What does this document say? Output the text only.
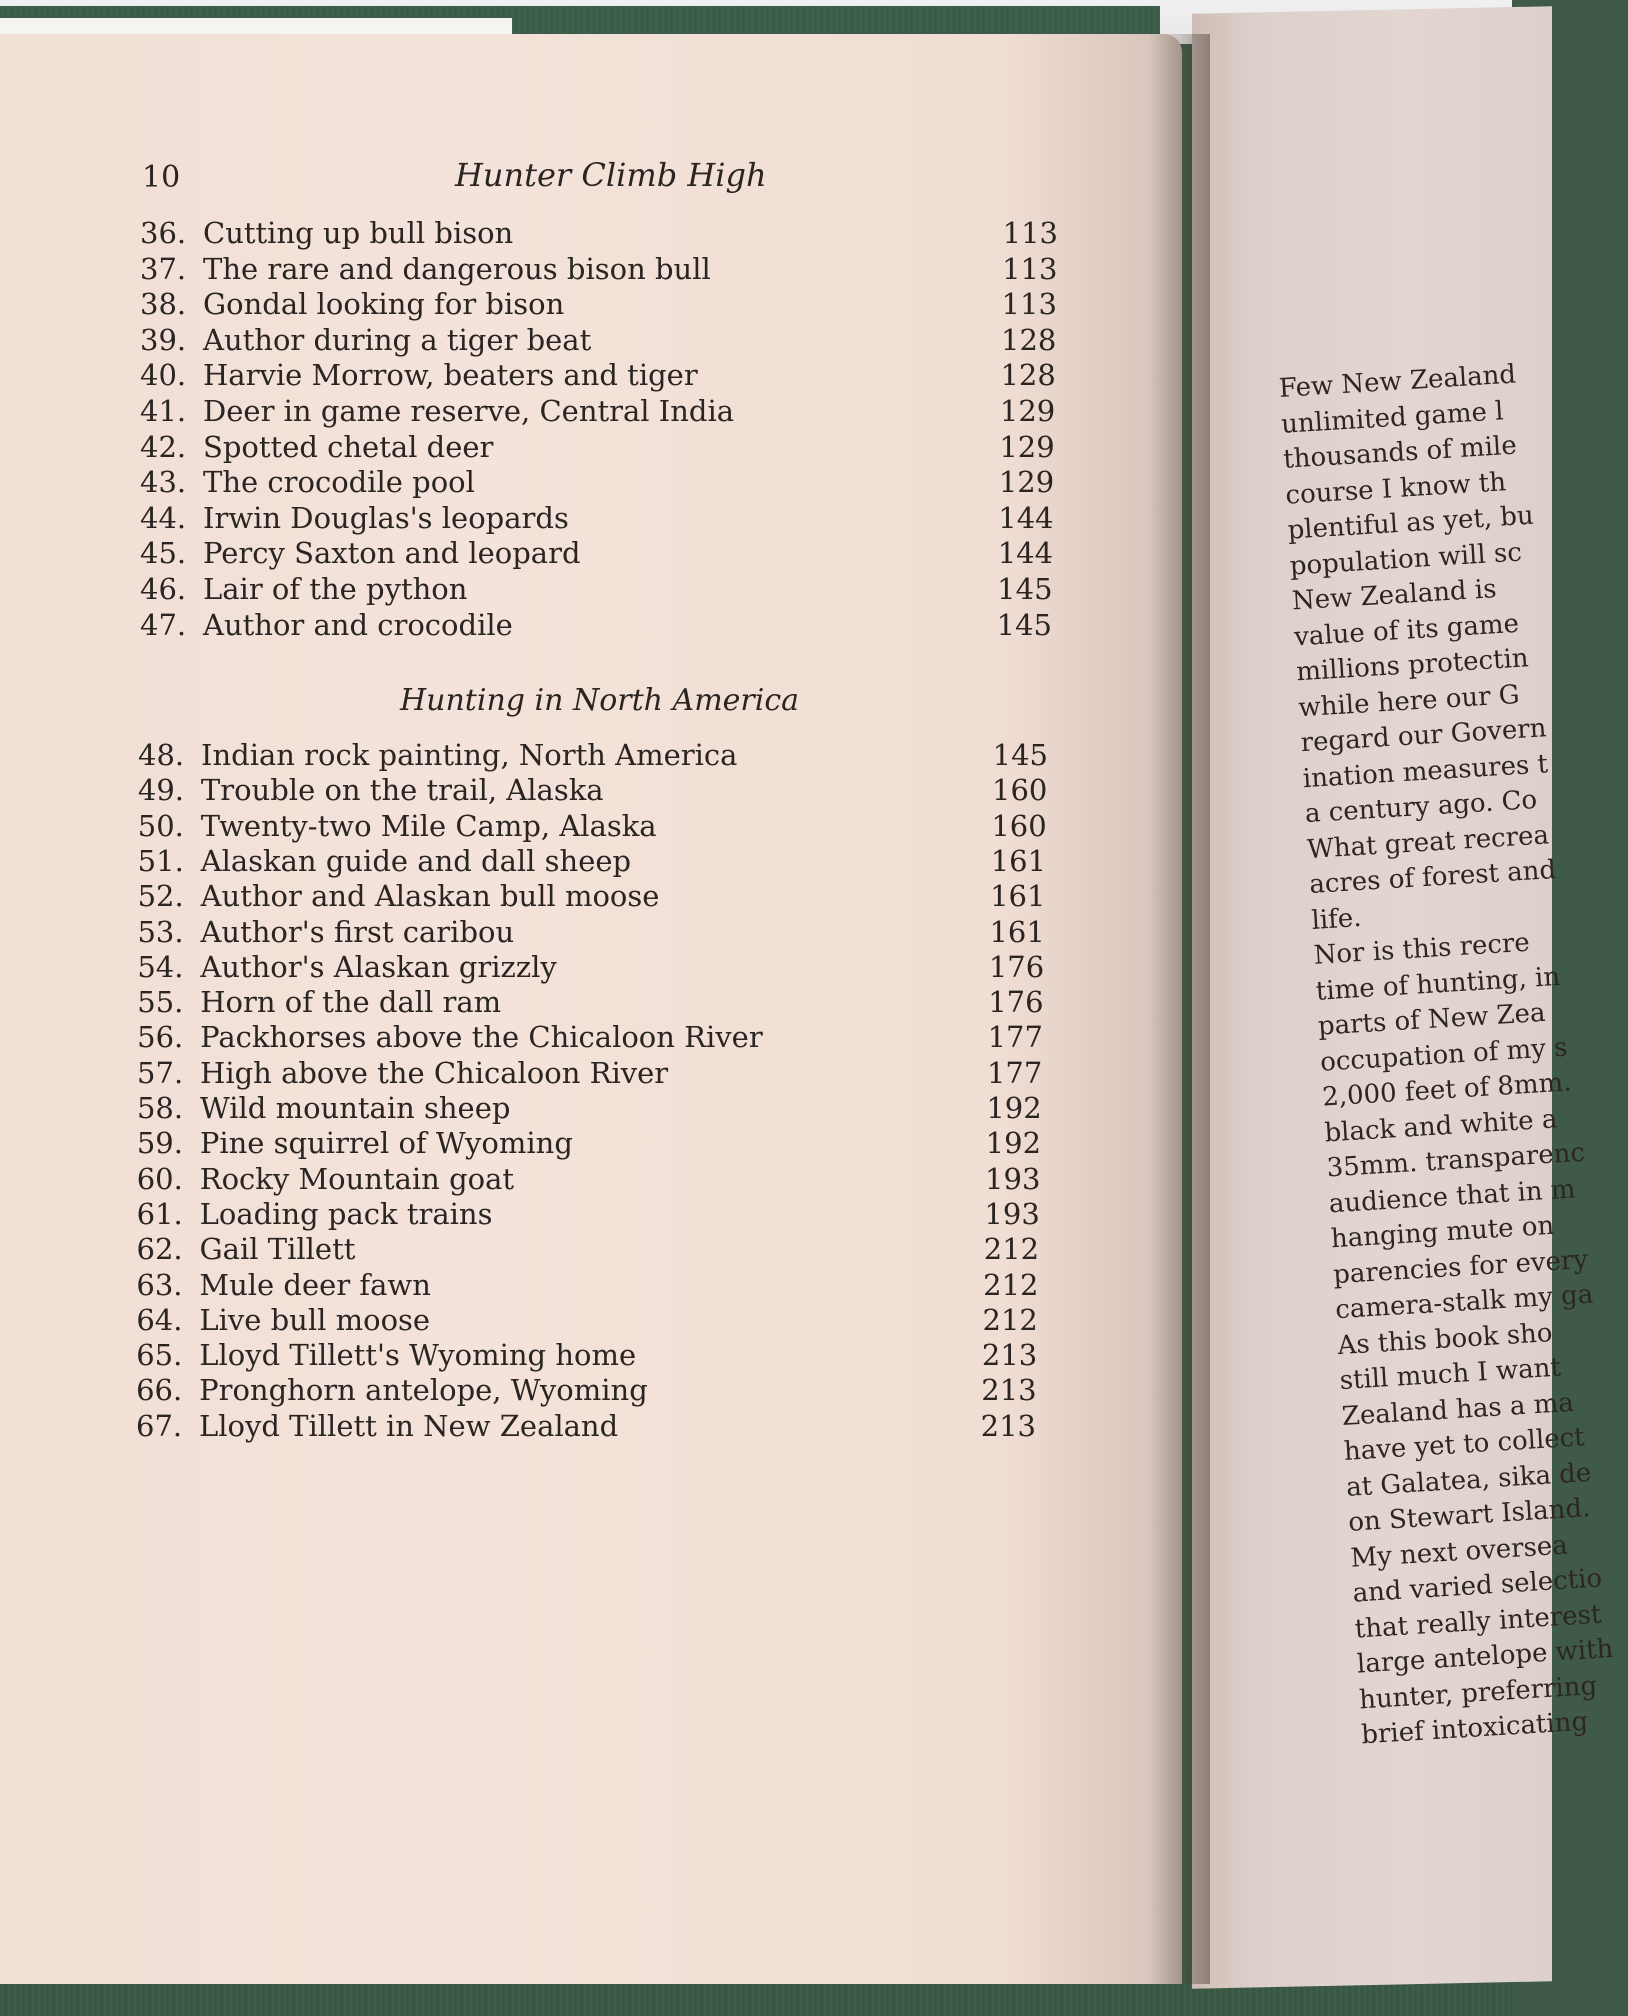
10	Hunter Climb High
36. Cutting up bull bison	113
37. The rare and dangerous bison bull	113
38. Gondal looking for bison	113
39. Author during a tiger beat	128
40. Harvie Morrow, beaters and tiger	128
41. Deer in game reserve, Central India	129
42. Spotted chetal deer	129
43. The crocodile pool	129
44. Irwin Douglas's leopards	144
45. Percy Saxton and leopard	144
46. Lair of the python	145
47. Author and crocodile	145
Hunting in North America
48. Indian rock painting, North America	145
49. Trouble on the trail, Alaska	160
50. Twenty-two Mile Camp, Alaska	160
51. Alaskan guide and dall sheep	161
52. Author and Alaskan bull moose	161
53. Author's first caribou	161
54. Author's Alaskan grizzly	176
55. Horn of the dall ram	176
56. Packhorses above the Chicaloon River	177
57. High above the Chicaloon River	177
58. Wild mountain sheep	192
59. Pine squirrel of Wyoming	192
60. Rocky Mountain goat	193
61. Loading pack trains	193
62. Gail Tillett	212
63. Mule deer fawn	212
64. Live bull moose	212
65. Lloyd Tillett's Wyoming home	213
66. Pronghorn antelope, Wyoming	213
67. Lloyd Tillett in New Zealand	213
Few New Zealand
unlimited game l
thousands of mile
course I know th
plentiful as yet, bu
population will sc
New Zealand is
value of its game
millions protectin
while here our G
regard our Govern
ination measures t
a century ago. Co
What great recrea
acres of forest and
life.
Nor is this recre
time of hunting, in
parts of New Zea
occupation of my s
2,000 feet of 8mm.
black and white a
35mm. transparenc
audience that in m
hanging mute on
parencies for every
camera-stalk my ga
As this book sho
still much I want
Zealand has a ma
have yet to collect
at Galatea, sika de
on Stewart Island.
My next oversea
and varied selectio
that really interest
large antelope with
hunter, preferring
brief intoxicating
